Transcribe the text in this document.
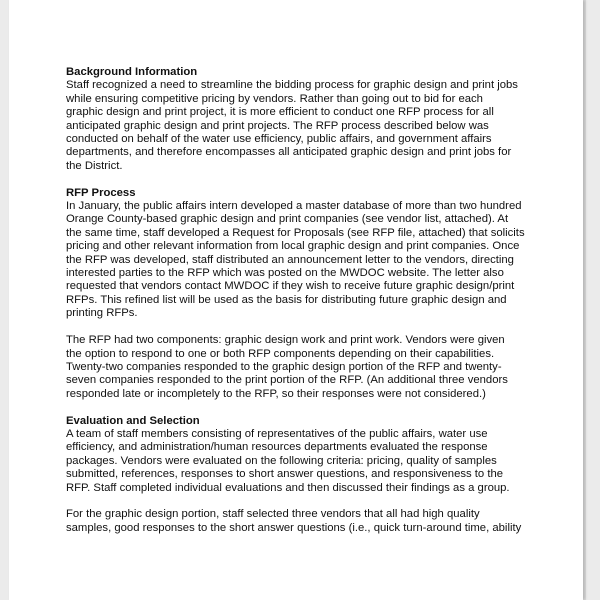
Background Information

Staff recognized a need to streamline the bidding process for graphic design and print jobs

while ensuring competitive pricing by vendors. Rather than going out to bid for each

graphic design and print project, it is more efficient to conduct one RFP process for all

anticipated graphic design and print projects. The RFP process described below was

conducted on behalf of the water use efficiency, public affairs, and government affairs

departments, and therefore encompasses all anticipated graphic design and print jobs for

the District.

RFP Process

In January, the public affairs intern developed a master database of more than two hundred

Orange County-based graphic design and print companies (see vendor list, attached). At

the same time, staff developed a Request for Proposals (see RFP file, attached) that solicits

pricing and other relevant information from local graphic design and print companies. Once

the RFP was developed, staff distributed an announcement letter to the vendors, directing

interested parties to the RFP which was posted on the MWDOC website. The letter also

requested that vendors contact MWDOC if they wish to receive future graphic design/print

RFPs. This refined list will be used as the basis for distributing future graphic design and

printing RFPs.

The RFP had two components: graphic design work and print work. Vendors were given

the option to respond to one or both RFP components depending on their capabilities.

Twenty-two companies responded to the graphic design portion of the RFP and twenty-

seven companies responded to the print portion of the RFP. (An additional three vendors

responded late or incompletely to the RFP, so their responses were not considered.)

Evaluation and Selection

A team of staff members consisting of representatives of the public affairs, water use

efficiency, and administration/human resources departments evaluated the response

packages. Vendors were evaluated on the following criteria: pricing, quality of samples

submitted, references, responses to short answer questions, and responsiveness to the

RFP. Staff completed individual evaluations and then discussed their findings as a group.

For the graphic design portion, staff selected three vendors that all had high quality

samples, good responses to the short answer questions (i.e., quick turn-around time, ability
